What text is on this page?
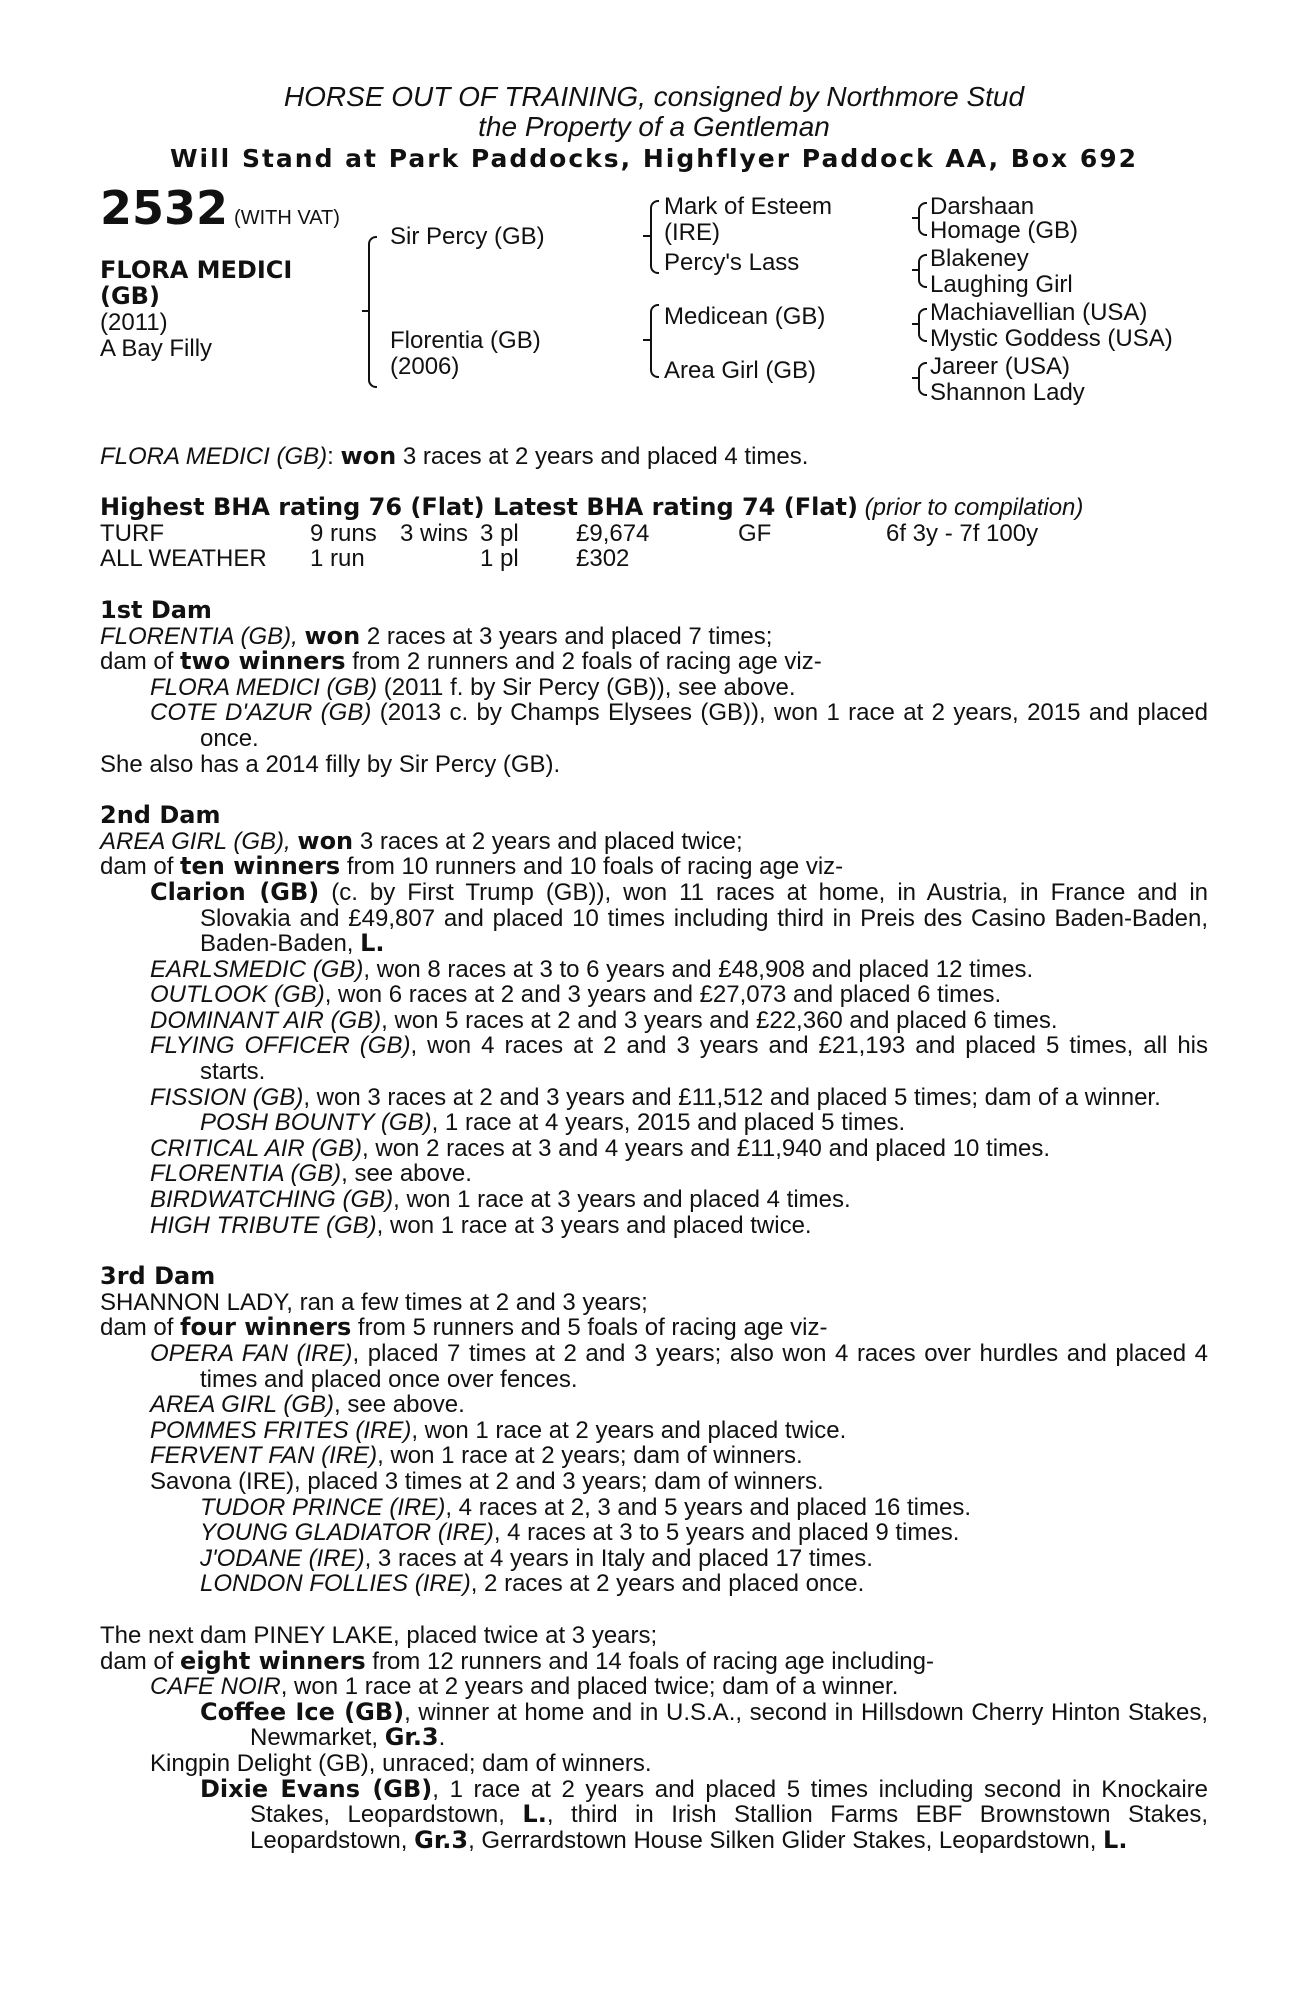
HORSE OUT OF TRAINING, consigned by Northmore Stud
the Property of a Gentleman
Will Stand at Park Paddocks, Highflyer Paddock AA, Box 692
2532 (WITH VAT)
FLORA MEDICI
(GB)
(2011)
A Bay Filly
Sir Percy (GB)
Florentia (GB)
(2006)
Mark of Esteem
(IRE)
Percy's Lass
Medicean (GB)
Area Girl (GB)
Darshaan
Homage (GB)
Blakeney
Laughing Girl
Machiavellian (USA)
Mystic Goddess (USA)
Jareer (USA)
Shannon Lady

FLORA MEDICI (GB): won 3 races at 2 years and placed 4 times.

Highest BHA rating 76 (Flat) Latest BHA rating 74 (Flat) (prior to compilation)

TURF	9 runs	3 wins	3 pl	£9,674	GF	6f 3y - 7f 100y
ALL WEATHER	1 run		1 pl	£302		

1st Dam

FLORENTIA (GB), won 2 races at 3 years and placed 7 times;

dam of two winners from 2 runners and 2 foals of racing age viz-

FLORA MEDICI (GB) (2011 f. by Sir Percy (GB)), see above.

COTE D'AZUR (GB) (2013 c. by Champs Elysees (GB)), won 1 race at 2 years, 2015 and placed once.

She also has a 2014 filly by Sir Percy (GB).

2nd Dam

AREA GIRL (GB), won 3 races at 2 years and placed twice;

dam of ten winners from 10 runners and 10 foals of racing age viz-

Clarion (GB) (c. by First Trump (GB)), won 11 races at home, in Austria, in France and in Slovakia and £49,807 and placed 10 times including third in Preis des Casino Baden-Baden, Baden-Baden, L.

EARLSMEDIC (GB), won 8 races at 3 to 6 years and £48,908 and placed 12 times.

OUTLOOK (GB), won 6 races at 2 and 3 years and £27,073 and placed 6 times.

DOMINANT AIR (GB), won 5 races at 2 and 3 years and £22,360 and placed 6 times.

FLYING OFFICER (GB), won 4 races at 2 and 3 years and £21,193 and placed 5 times, all his starts.

FISSION (GB), won 3 races at 2 and 3 years and £11,512 and placed 5 times; dam of a winner.

POSH BOUNTY (GB), 1 race at 4 years, 2015 and placed 5 times.

CRITICAL AIR (GB), won 2 races at 3 and 4 years and £11,940 and placed 10 times.

FLORENTIA (GB), see above.

BIRDWATCHING (GB), won 1 race at 3 years and placed 4 times.

HIGH TRIBUTE (GB), won 1 race at 3 years and placed twice.

3rd Dam

SHANNON LADY, ran a few times at 2 and 3 years;

dam of four winners from 5 runners and 5 foals of racing age viz-

OPERA FAN (IRE), placed 7 times at 2 and 3 years; also won 4 races over hurdles and placed 4 times and placed once over fences.

AREA GIRL (GB), see above.

POMMES FRITES (IRE), won 1 race at 2 years and placed twice.

FERVENT FAN (IRE), won 1 race at 2 years; dam of winners.

Savona (IRE), placed 3 times at 2 and 3 years; dam of winners.

TUDOR PRINCE (IRE), 4 races at 2, 3 and 5 years and placed 16 times.

YOUNG GLADIATOR (IRE), 4 races at 3 to 5 years and placed 9 times.

J'ODANE (IRE), 3 races at 4 years in Italy and placed 17 times.

LONDON FOLLIES (IRE), 2 races at 2 years and placed once.

The next dam PINEY LAKE, placed twice at 3 years;

dam of eight winners from 12 runners and 14 foals of racing age including-

CAFE NOIR, won 1 race at 2 years and placed twice; dam of a winner.

Coffee Ice (GB), winner at home and in U.S.A., second in Hillsdown Cherry Hinton Stakes, Newmarket, Gr.3.

Kingpin Delight (GB), unraced; dam of winners.

Dixie Evans (GB), 1 race at 2 years and placed 5 times including second in Knockaire Stakes, Leopardstown, L., third in Irish Stallion Farms EBF Brownstown Stakes, Leopardstown, Gr.3, Gerrardstown House Silken Glider Stakes, Leopardstown, L.
